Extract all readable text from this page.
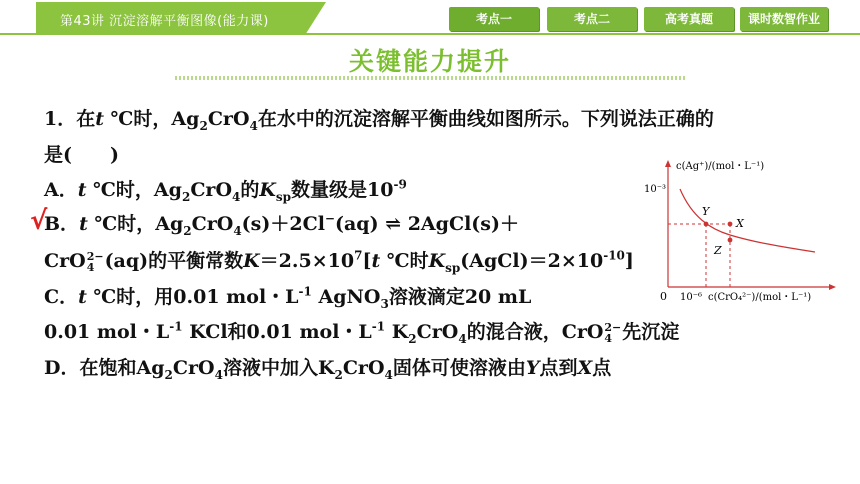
第43讲 沉淀溶解平衡图像(能力课)	考点一	考点二	高考真题	课时数智作业
关键能力提升
1．在t ℃时，$Ag_2CrO_4$在水中的沉淀溶解平衡曲线如图所示。下列说法正确的
是(　　)
A．t ℃时，$Ag_2CrO_4$的$K_{sp}$数量级是$10^{-9}$
√
B．t ℃时，$Ag_2CrO_4(s)+2Cl^-(aq)$ ⇌ 2AgCl(s)＋
CrO 2−
4 (aq)的平衡常数$K=2.5\times 10^7[t$ ℃时$K_{sp}(AgCl)=2\times 10^{-10}$]
C．t ℃时，用0.01 mol・$L^{-1}$ AgNO$_3$溶液滴定20 mL
0.01 mol・$L^{-1}$ KCl和0.01 mol・$L^{-1}$ $K_2CrO_4$的混合液，CrO 2−
4 先沉淀
D．在饱和$Ag_2CrO_4$溶液中加入$K_2CrO_4$固体可使溶液由Y点到X点
c(Ag⁺)/(mol・L⁻¹)
10⁻³
10⁻⁶ c(CrO₄²⁻)/(mol・L⁻¹)
0
Y
X
Z
